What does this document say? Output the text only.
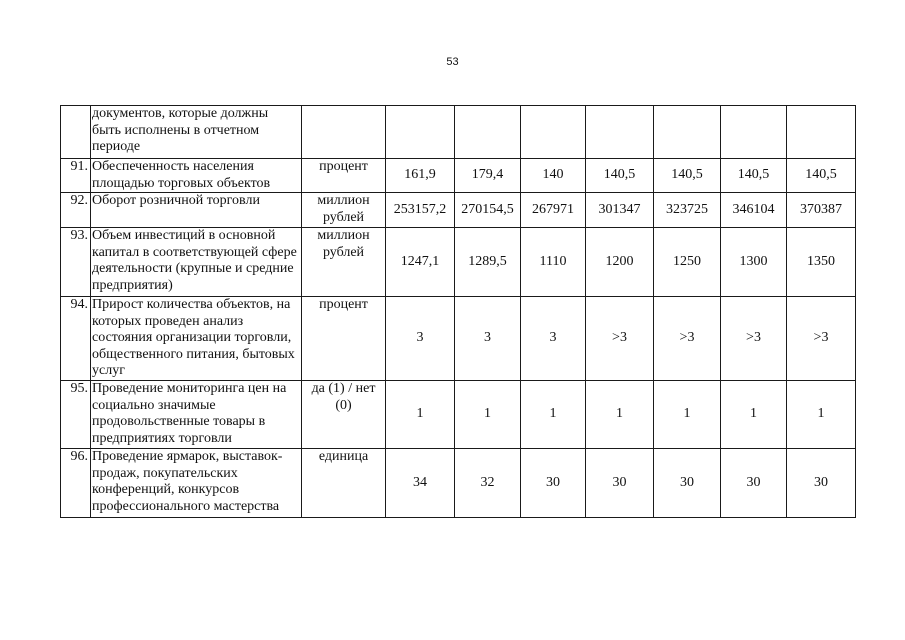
53
	документов, которые должны быть исполнены в отчетном периоде								
91.	Обеспеченность населения площадью торговых объектов	процент	161,9	179,4	140	140,5	140,5	140,5	140,5
92.	Оборот розничной торговли	миллион рублей	253157,2	270154,5	267971	301347	323725	346104	370387
93.	Объем инвестиций в основной капитал в соответствующей сфере деятельности (крупные и средние предприятия)	миллион рублей	1247,1	1289,5	1110	1200	1250	1300	1350
94.	Прирост количества объектов, на которых проведен анализ состояния организации торговли, общественного питания, бытовых услуг	процент	3	3	3	>3	>3	>3	>3
95.	Проведение мониторинга цен на социально значимые продовольственные товары в предприятиях торговли	да (1) / нет (0)	1	1	1	1	1	1	1
96.	Проведение ярмарок, выставок-продаж, покупательских конференций, конкурсов профессионального мастерства	единица	34	32	30	30	30	30	30
